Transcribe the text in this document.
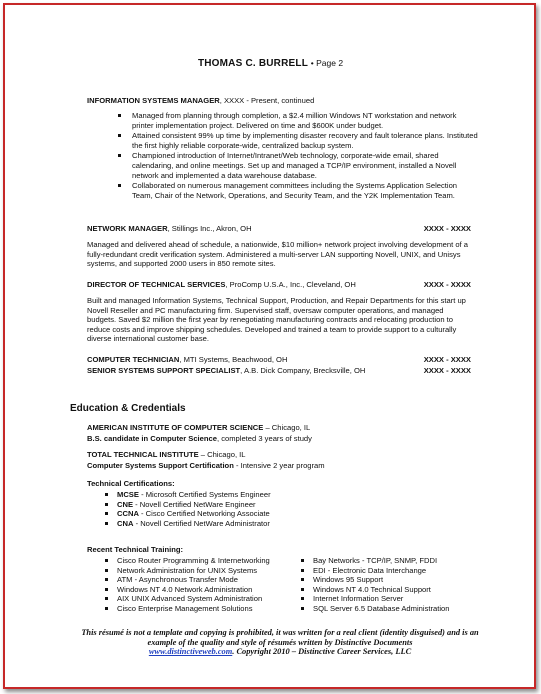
THOMAS C. BURRELL • Page 2
INFORMATION SYSTEMS MANAGER, XXXX - Present, continued
Managed from planning through completion, a $2.4 million Windows NT workstation and network printer implementation project. Delivered on time and $600K under budget.
Attained consistent 99% up time by implementing disaster recovery and fault tolerance plans. Instituted the first highly reliable corporate-wide, centralized backup system.
Championed introduction of Internet/Intranet/Web technology, corporate-wide email, shared calendaring, and online meetings. Set up and managed a TCP/IP environment, installed a Novell network and implemented a data warehouse database.
Collaborated on numerous management committees including the Systems Application Selection Team, Chair of the Network, Operations, and Security Team, and the Y2K Implementation Team.
NETWORK MANAGER, Stillings Inc., Akron, OH	XXXX - XXXX
Managed and delivered ahead of schedule, a nationwide, $10 million+ network project involving development of a fully-redundant credit verification system. Administered a multi-server LAN supporting Novell, UNIX, and Unisys systems, and supported 2000 users in 850 remote sites.
DIRECTOR OF TECHNICAL SERVICES, ProComp U.S.A., Inc., Cleveland, OH	XXXX - XXXX
Built and managed Information Systems, Technical Support, Production, and Repair Departments for this start up Novell Reseller and PC manufacturing firm. Supervised staff, oversaw computer operations, and managed budgets. Saved $2 million the first year by renegotiating manufacturing contracts and relocating production to reduce costs and improve shipping schedules. Developed and trained a team to provide support to a culturally diverse international customer base.
COMPUTER TECHNICIAN, MTI Systems, Beachwood, OH	XXXX - XXXX
SENIOR SYSTEMS SUPPORT SPECIALIST, A.B. Dick Company, Brecksville, OH	XXXX - XXXX
Education & Credentials
AMERICAN INSTITUTE OF COMPUTER SCIENCE – Chicago, IL
B.S. candidate in Computer Science, completed 3 years of study
TOTAL TECHNICAL INSTITUTE – Chicago, IL
Computer Systems Support Certification - Intensive 2 year program
Technical Certifications:
MCSE - Microsoft Certified Systems Engineer
CNE - Novell Certified NetWare Engineer
CCNA - Cisco Certified Networking Associate
CNA - Novell Certified NetWare Administrator
Recent Technical Training:
Cisco Router Programming & Internetworking
Network Administration for UNIX Systems
ATM - Asynchronous Transfer Mode
Windows NT 4.0 Network Administration
AIX UNIX Advanced System Administration
Cisco Enterprise Management Solutions
Bay Networks - TCP/IP, SNMP, FDDI
EDI - Electronic Data Interchange
Windows 95 Support
Windows NT 4.0 Technical Support
Internet Information Server
SQL Server 6.5 Database Administration
This résumé is not a template and copying is prohibited, it was written for a real client (identity disguised) and is an example of the quality and style of résumés written by Distinctive Documents
www.distinctiveweb.com. Copyright 2010 – Distinctive Career Services, LLC
